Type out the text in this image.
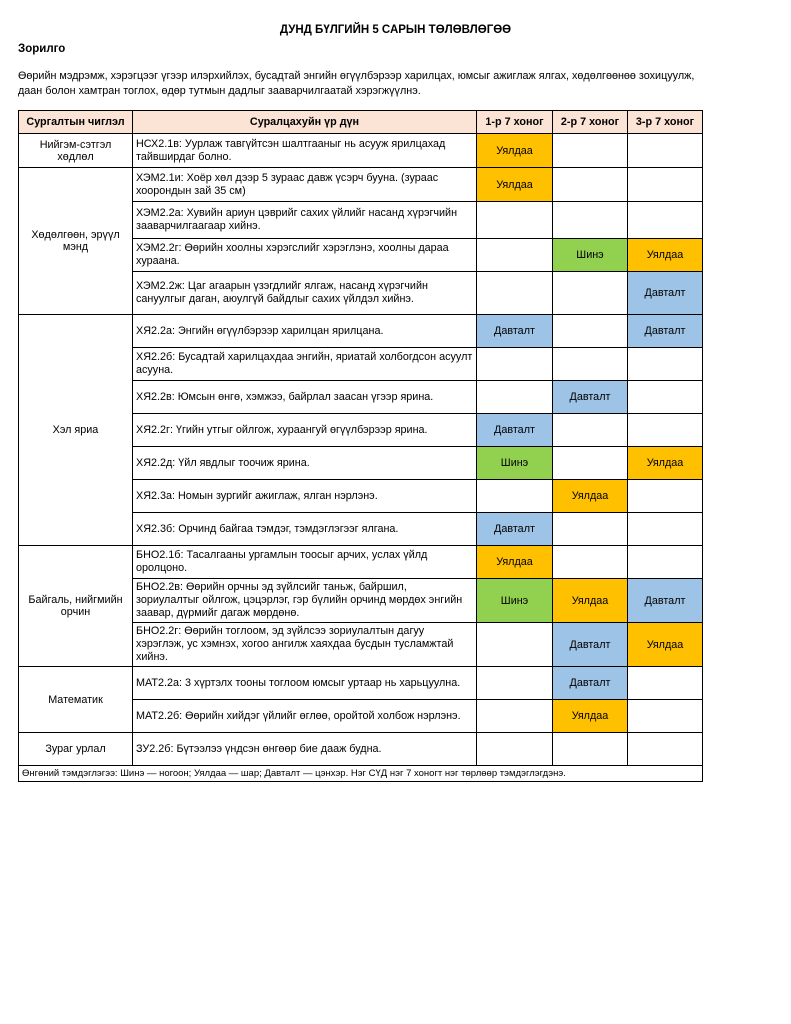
ДУНД БҮЛГИЙН 5 САРЫН ТӨЛӨВЛӨГӨӨ
Зорилго
Өөрийн мэдрэмж, хэрэгцээг үгээр илэрхийлэх, бусадтай энгийн өгүүлбэрээр харилцах, юмсыг ажиглаж ялгах, хөдөлгөөнөө зохицуулж,
даан болон хамтран тоглох, өдөр тутмын дадлыг зааварчилгаатай хэрэгжүүлнэ.
Сургалтын чиглэл	Суралцахуйн үр дүн	1-р 7 хоног	2-р 7 хоног	3-р 7 хоног
Нийгэм-сэтгэл хөдлөл	НСХ2.1в: Уурлаж тавгүйтсэн шалтгааныг нь асууж ярилцахад тайвширдаг болно.	Уялдаа		
Хөдөлгөөн, эрүүл мэнд	ХЭМ2.1и: Хоёр хөл дээр 5 зураас давж үсэрч бууна. (зураас хоорондын зай 35 см)	Уялдаа		
	ХЭМ2.2а: Хувийн ариун цэврийг сахих үйлийг насанд хүрэгчийн зааварчилгаагаар хийнэ.			
	ХЭМ2.2г: Өөрийн хоолны хэрэгслийг хэрэглэнэ, хоолны дараа хураана.		Шинэ	Уялдаа
	ХЭМ2.2ж: Цаг агаарын үзэгдлийг ялгаж, насанд хүрэгчийн сануулгыг даган, аюулгүй байдлыг сахих үйлдэл хийнэ.			Давталт
Хэл яриа	ХЯ2.2а: Энгийн өгүүлбэрээр харилцан ярилцана.	Давталт		Давталт
	ХЯ2.2б: Бусадтай харилцахдаа энгийн, яриатай холбогдсон асуулт асууна.			
	ХЯ2.2в: Юмсын өнгө, хэмжээ, байрлал заасан үгээр ярина.		Давталт	
	ХЯ2.2г: Үгийн утгыг ойлгож, хураангуй өгүүлбэрээр ярина.	Давталт		
	ХЯ2.2д: Үйл явдлыг тоочиж ярина.	Шинэ		Уялдаа
	ХЯ2.3а: Номын зургийг ажиглаж, ялган нэрлэнэ.		Уялдаа	
	ХЯ2.3б: Орчинд байгаа тэмдэг, тэмдэглэгээг ялгана.	Давталт		
Байгаль, нийгмийн орчин	БНО2.1б: Тасалгааны ургамлын тоосыг арчих, услах үйлд оролцоно.	Уялдаа		
	БНО2.2в: Өөрийн орчны эд зүйлсийг таньж, байршил, зориулалтыг ойлгож, цэцэрлэг, гэр бүлийн орчинд мөрдөх энгийн заавар, дүрмийг дагаж мөрдөнө.	Шинэ	Уялдаа	Давталт
	БНО2.2г: Өөрийн тоглоом, эд зүйлсээ зориулалтын дагуу хэрэглэж, ус хэмнэх, хогоо ангилж хаяхдаа бусдын тусламжтай хийнэ.		Давталт	Уялдаа
Математик	МАТ2.2а: 3 хүртэлх тооны тоглоом юмсыг уртаар нь харьцуулна.		Давталт	
	МАТ2.2б: Өөрийн хийдэг үйлийг өглөө, оройтой холбож нэрлэнэ.		Уялдаа	
Зураг урлал	ЗУ2.2б: Бүтээлээ үндсэн өнгөөр бие дааж будна.			
Өнгөний тэмдэглэгээ: Шинэ — ногоон; Уялдаа — шар; Давталт — цэнхэр. Нэг СҮД нэг 7 хоногт нэг төрлөөр тэмдэглэгдэнэ.				
